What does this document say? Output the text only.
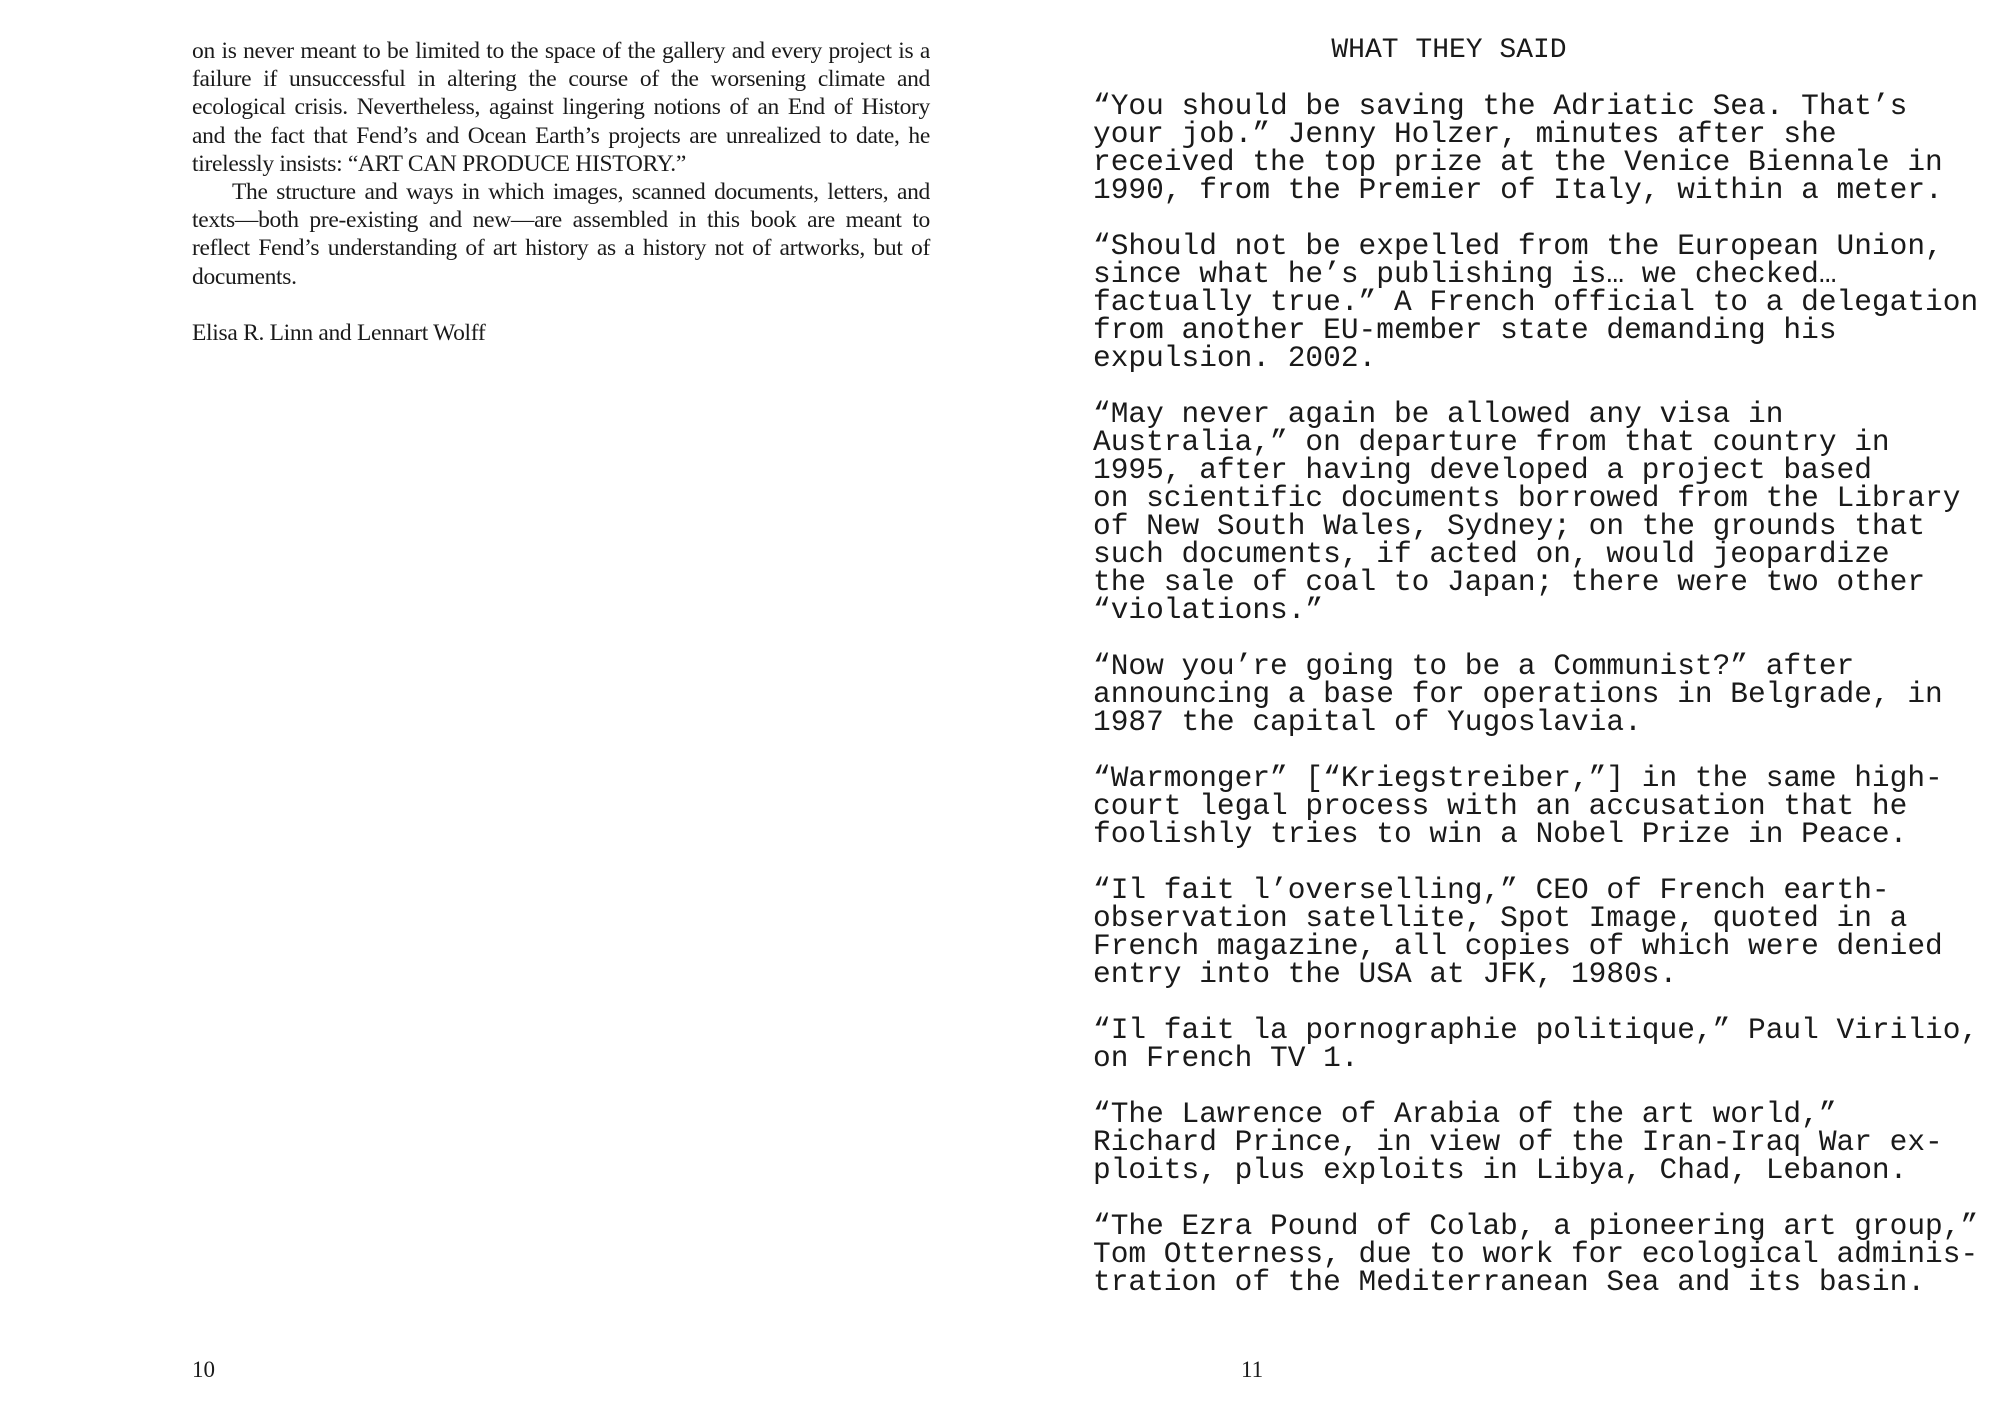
on is never meant to be limited to the space of the gallery and every project is a failure if unsuccessful in altering the course of the worsening climate and ecological crisis. Nevertheless, against lingering notions of an End of History and the fact that Fend’s and Ocean Earth’s projects are unrealized to date, he tirelessly insists: “ART CAN PRODUCE HISTORY.”

The structure and ways in which images, scanned documents, letters, and texts—both pre-existing and new—are assembled in this book are meant to reflect Fend’s understanding of art history as a history not of artworks, but of documents.

Elisa R. Linn and Lennart Wolff

10
WHAT THEY SAID

“You should be saving the Adriatic Sea. That’s
your job.” Jenny Holzer, minutes after she
received the top prize at the Venice Biennale in
1990, from the Premier of Italy, within a meter.

“Should not be expelled from the European Union,
since what he’s publishing is… we checked…
factually true.” A French official to a delegation
from another EU-member state demanding his
expulsion. 2002.

“May never again be allowed any visa in
Australia,” on departure from that country in
1995, after having developed a project based
on scientific documents borrowed from the Library
of New South Wales, Sydney; on the grounds that
such documents, if acted on, would jeopardize
the sale of coal to Japan; there were two other
“violations.”

“Now you’re going to be a Communist?” after
announcing a base for operations in Belgrade, in
1987 the capital of Yugoslavia.

“Warmonger” [“Kriegstreiber,”] in the same high-
court legal process with an accusation that he
foolishly tries to win a Nobel Prize in Peace.

“Il fait l’overselling,” CEO of French earth-
observation satellite, Spot Image, quoted in a
French magazine, all copies of which were denied
entry into the USA at JFK, 1980s.

“Il fait la pornographie politique,” Paul Virilio,
on French TV 1.

“The Lawrence of Arabia of the art world,”
Richard Prince, in view of the Iran-Iraq War ex-
ploits, plus exploits in Libya, Chad, Lebanon.

“The Ezra Pound of Colab, a pioneering art group,”
Tom Otterness, due to work for ecological adminis-
tration of the Mediterranean Sea and its basin.

11
